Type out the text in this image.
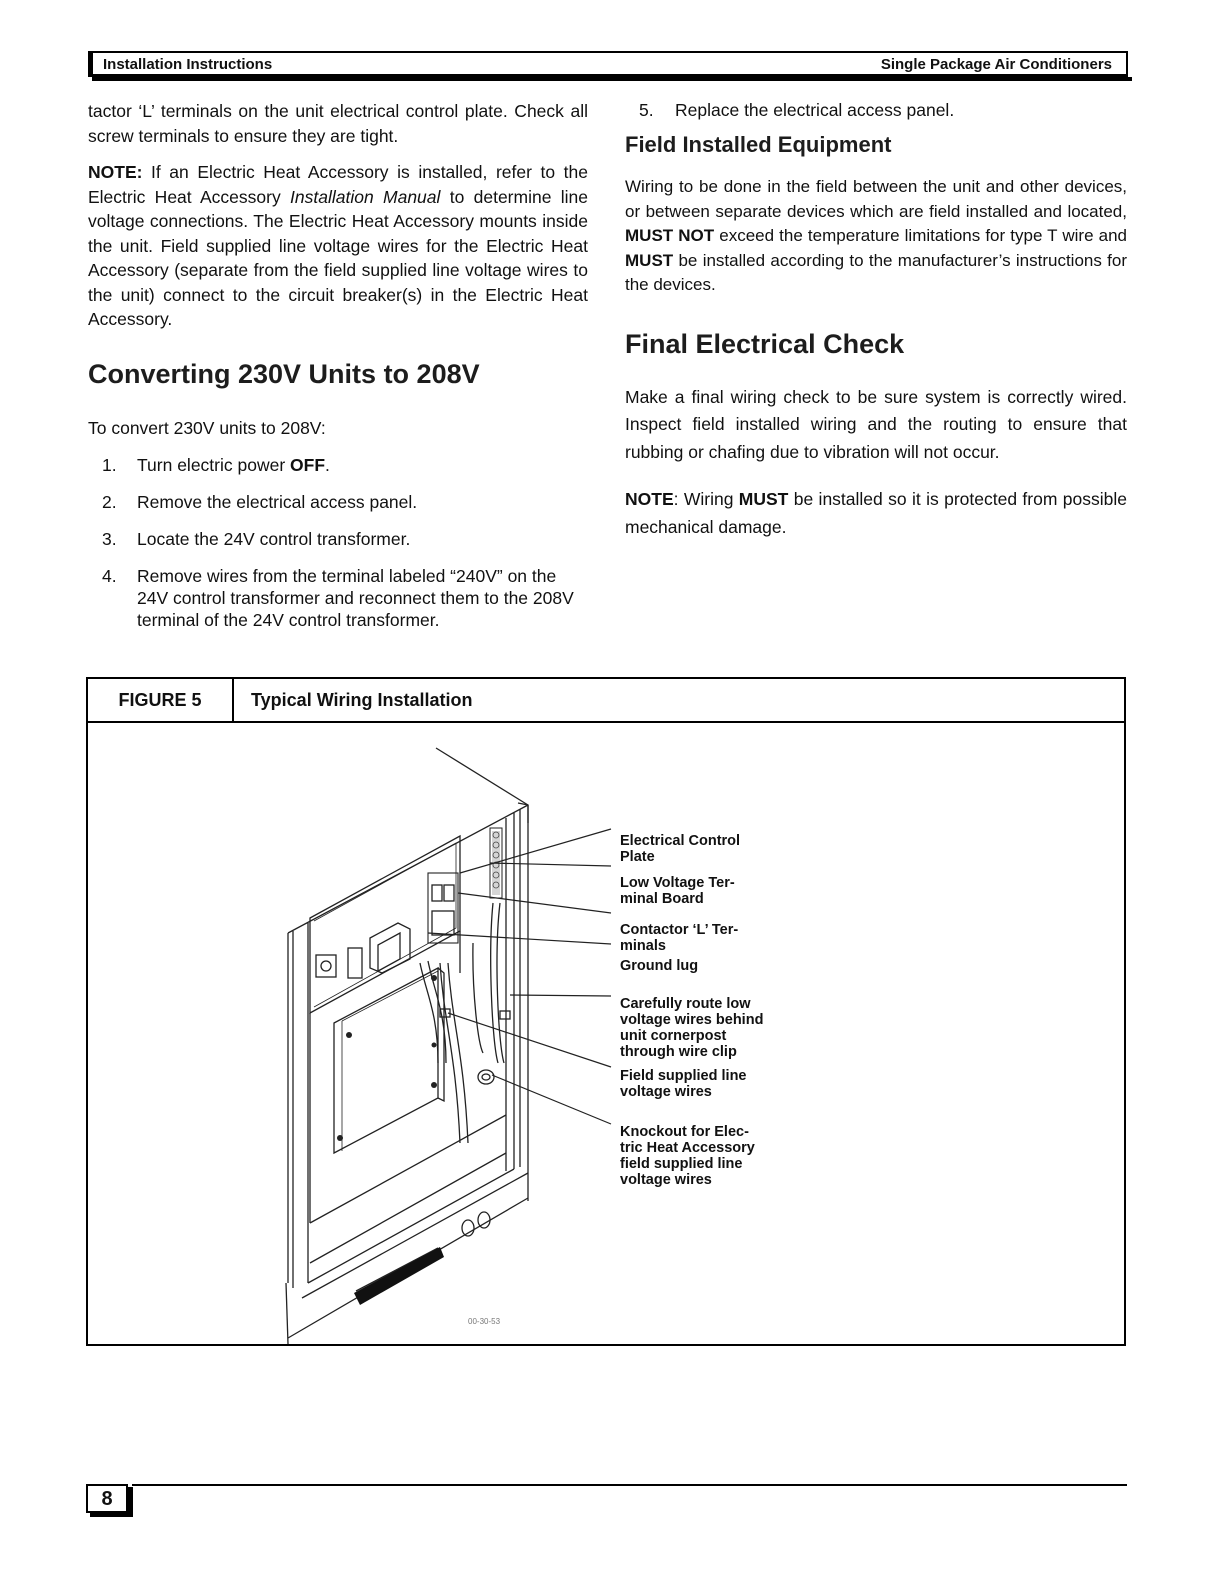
Installation Instructions	Single Package Air Conditioners

tactor ‘L’ terminals on the unit electrical control plate. Check all screw terminals to ensure they are tight.

NOTE: If an Electric Heat Accessory is installed, refer to the Electric Heat Accessory Installation Manual to determine line voltage connections. The Electric Heat Accessory mounts inside the unit. Field supplied line voltage wires for the Electric Heat Accessory (separate from the field supplied line voltage wires to the unit) connect to the circuit breaker(s) in the Electric Heat Accessory.

Converting 230V Units to 208V

To convert 230V units to 208V:

1. Turn electric power OFF.
2. Remove the electrical access panel.
3. Locate the 24V control transformer.
4. Remove wires from the terminal labeled “240V” on the 24V control transformer and reconnect them to the 208V terminal of the 24V control transformer.
5. Replace the electrical access panel.
Field Installed Equipment

Wiring to be done in the field between the unit and other devices, or between separate devices which are field installed and located, MUST NOT exceed the temperature limitations for type T wire and MUST be installed according to the manufacturer’s instructions for the devices.

Final Electrical Check

Make a final wiring check to be sure system is correctly wired. Inspect field installed wiring and the routing to ensure that rubbing or chafing due to vibration will not occur.

NOTE: Wiring MUST be installed so it is protected from possible mechanical damage.

FIGURE 5	Typical Wiring Installation
Electrical Control
Plate
Low Voltage Ter-
minal Board
Contactor ‘L’ Ter-
minals
Ground lug
Carefully route low
voltage wires behind
unit cornerpost
through wire clip
Field supplied line
voltage wires
Knockout for Elec-
tric Heat Accessory
field supplied line
voltage wires
00-30-53
8
